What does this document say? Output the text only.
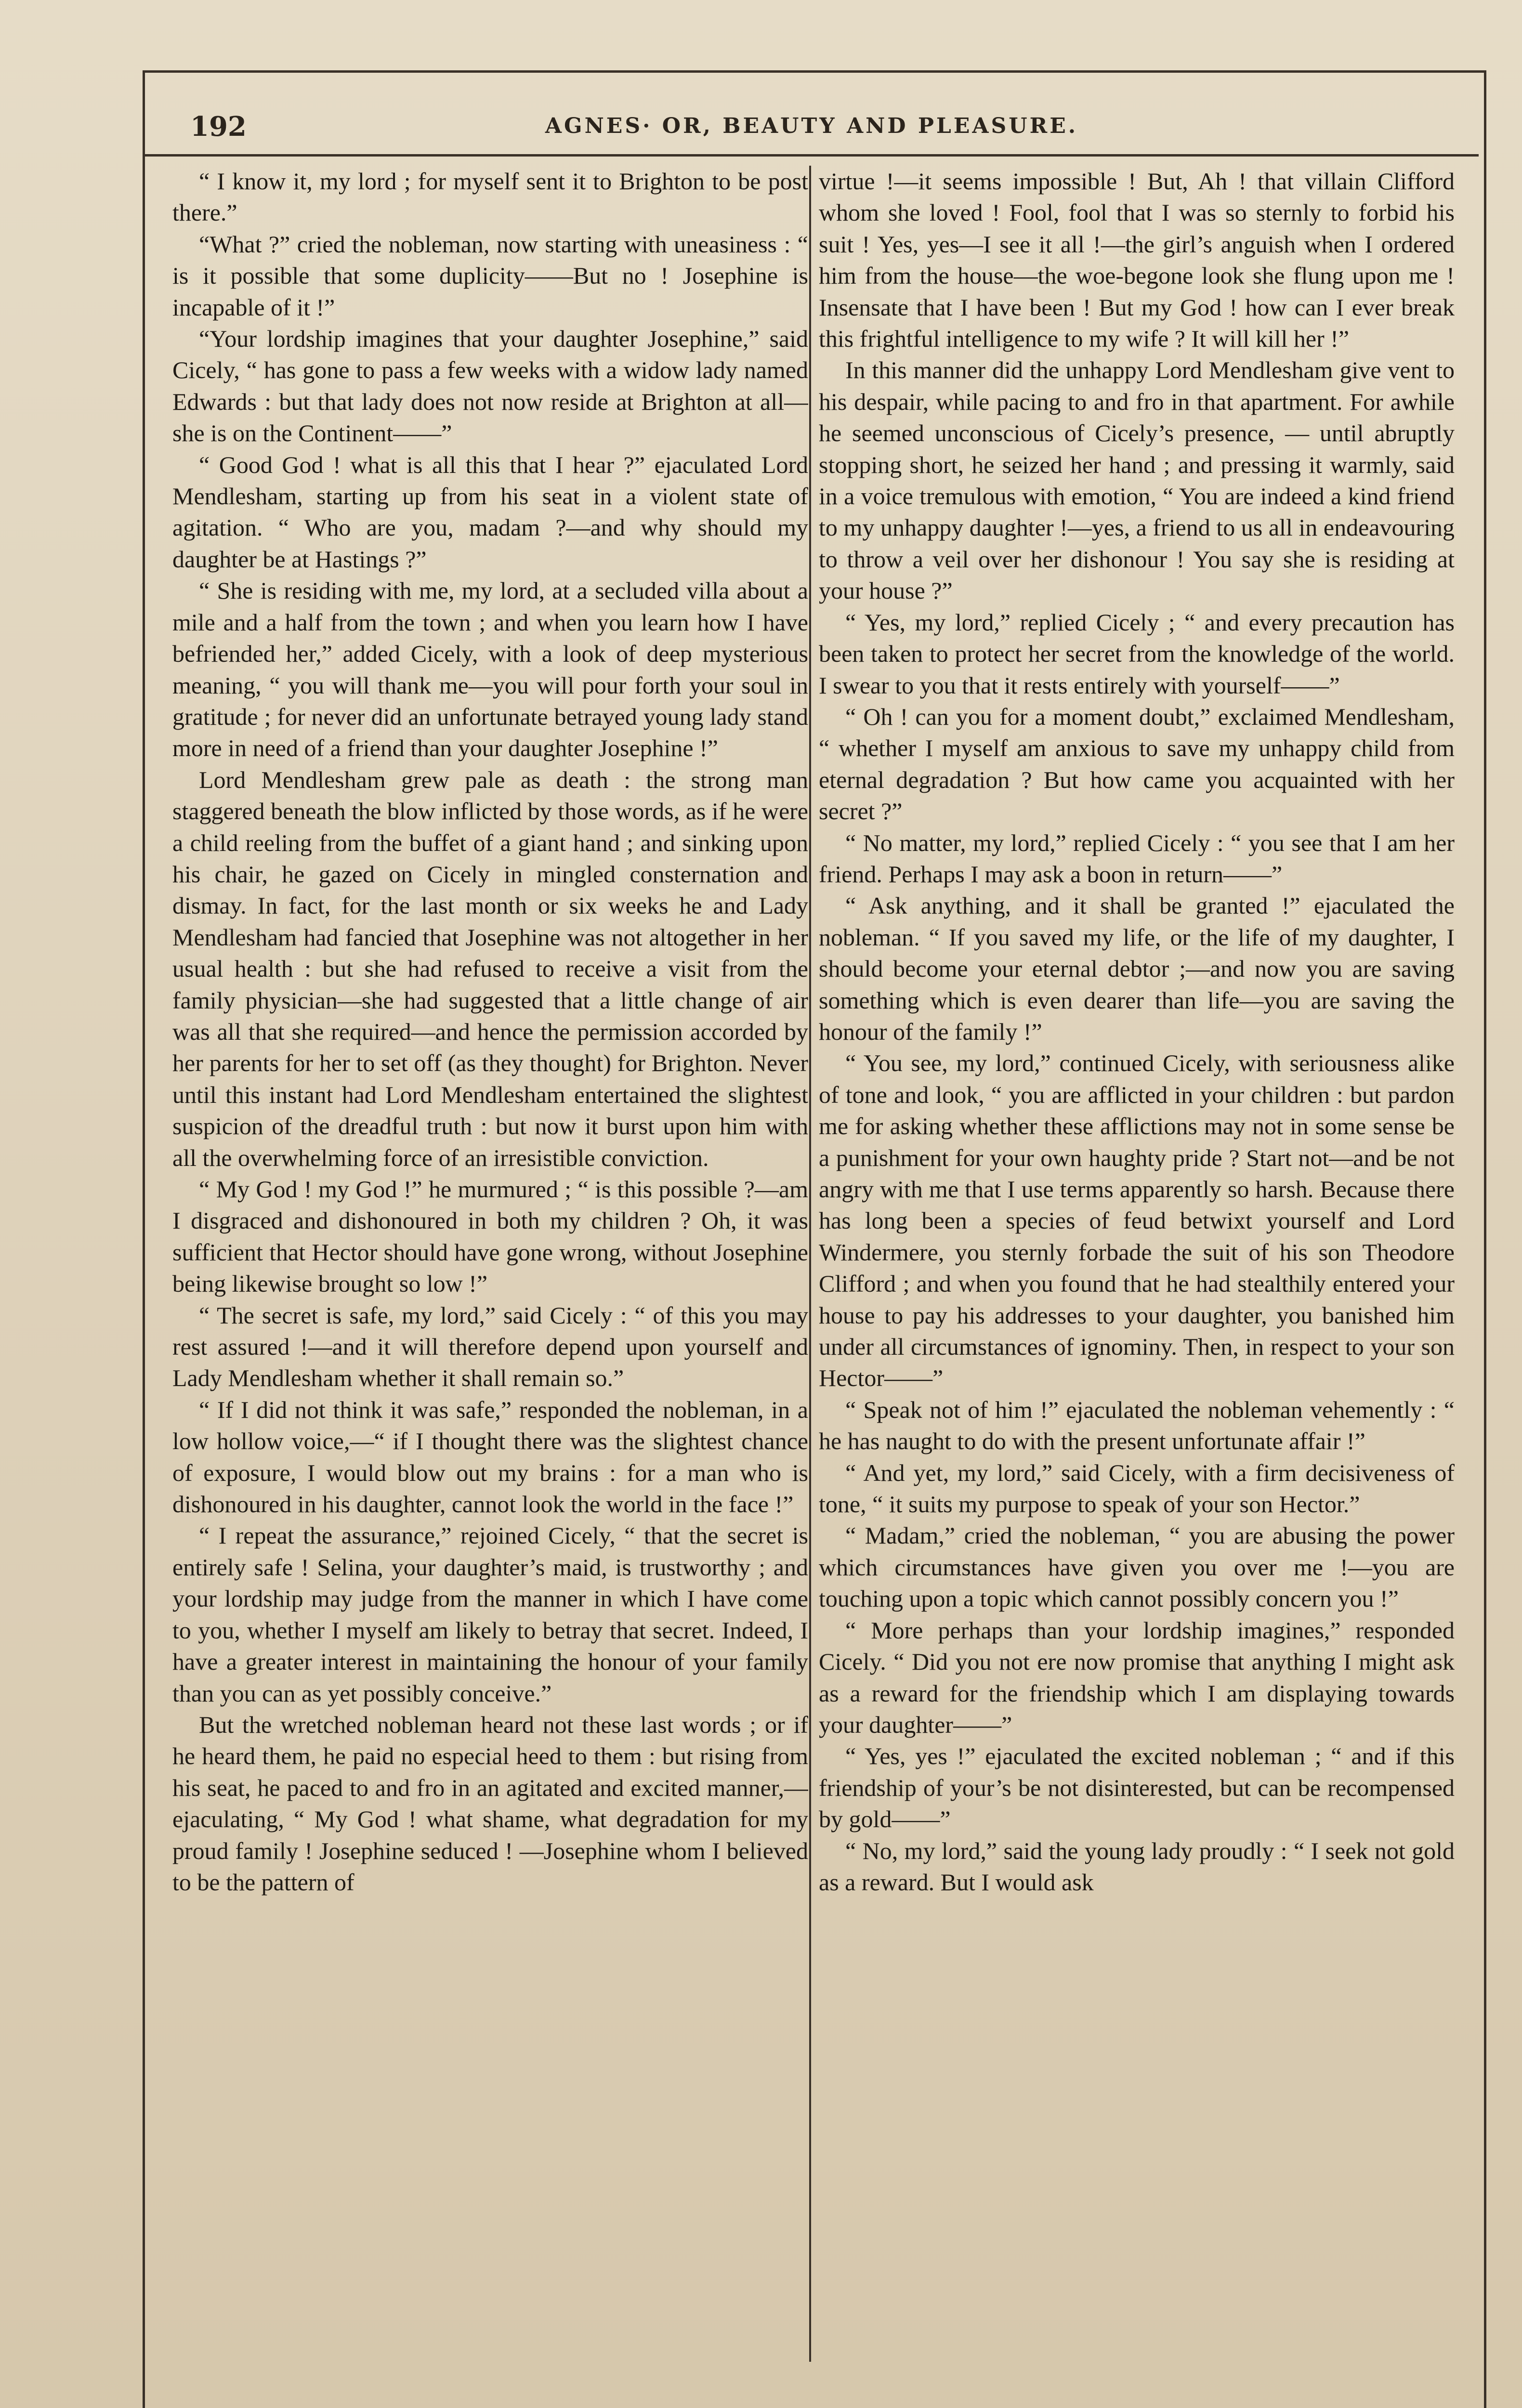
192	AGNES· OR, BEAUTY AND PLEASURE.

“ I know it, my lord ; for myself sent it to Brighton to be post there.”

“What ?” cried the nobleman, now starting with uneasiness : “ is it possible that some duplicity——But no ! Josephine is incapable of it !”

“Your lordship imagines that your daughter Josephine,” said Cicely, “ has gone to pass a few weeks with a widow lady named Edwards : but that lady does not now reside at Brighton at all—she is on the Continent——”

“ Good God ! what is all this that I hear ?” ejaculated Lord Mendlesham, starting up from his seat in a violent state of agitation. “ Who are you, madam ?—and why should my daughter be at Hastings ?”

“ She is residing with me, my lord, at a secluded villa about a mile and a half from the town ; and when you learn how I have befriended her,” added Cicely, with a look of deep mysterious meaning, “ you will thank me—you will pour forth your soul in gratitude ; for never did an unfortunate betrayed young lady stand more in need of a friend than your daughter Josephine !”

Lord Mendlesham grew pale as death : the strong man staggered beneath the blow inflicted by those words, as if he were a child reeling from the buffet of a giant hand ; and sinking upon his chair, he gazed on Cicely in mingled consternation and dismay. In fact, for the last month or six weeks he and Lady Mendlesham had fancied that Josephine was not altogether in her usual health : but she had refused to receive a visit from the family physician—she had suggested that a little change of air was all that she required—and hence the permission accorded by her parents for her to set off (as they thought) for Brighton. Never until this instant had Lord Mendlesham entertained the slightest suspicion of the dreadful truth : but now it burst upon him with all the overwhelming force of an irresistible conviction.

“ My God ! my God !” he murmured ; “ is this possible ?—am I disgraced and dishonoured in both my children ? Oh, it was sufficient that Hector should have gone wrong, without Josephine being likewise brought so low !”

“ The secret is safe, my lord,” said Cicely : “ of this you may rest assured !—and it will therefore depend upon yourself and Lady Mendlesham whether it shall remain so.”

“ If I did not think it was safe,” responded the nobleman, in a low hollow voice,—“ if I thought there was the slightest chance of exposure, I would blow out my brains : for a man who is dishonoured in his daughter, cannot look the world in the face !”

“ I repeat the assurance,” rejoined Cicely, “ that the secret is entirely safe ! Selina, your daughter’s maid, is trustworthy ; and your lordship may judge from the manner in which I have come to you, whether I myself am likely to betray that secret. Indeed, I have a greater interest in maintaining the honour of your family than you can as yet possibly conceive.”

But the wretched nobleman heard not these last words ; or if he heard them, he paid no especial heed to them : but rising from his seat, he paced to and fro in an agitated and excited manner,—ejaculating, “ My God ! what shame, what degradation for my proud family ! Josephine seduced ! —Josephine whom I believed to be the pattern of

virtue !—it seems impossible ! But, Ah ! that villain Clifford whom she loved ! Fool, fool that I was so sternly to forbid his suit ! Yes, yes—I see it all !—the girl’s anguish when I ordered him from the house—the woe-begone look she flung upon me ! Insensate that I have been ! But my God ! how can I ever break this frightful intelligence to my wife ? It will kill her !”

In this manner did the unhappy Lord Mendlesham give vent to his despair, while pacing to and fro in that apartment. For awhile he seemed unconscious of Cicely’s presence, — until abruptly stopping short, he seized her hand ; and pressing it warmly, said in a voice tremulous with emotion, “ You are indeed a kind friend to my unhappy daughter !—yes, a friend to us all in endeavouring to throw a veil over her dishonour ! You say she is residing at your house ?”

“ Yes, my lord,” replied Cicely ; “ and every precaution has been taken to protect her secret from the knowledge of the world. I swear to you that it rests entirely with yourself——”

“ Oh ! can you for a moment doubt,” exclaimed Mendlesham, “ whether I myself am anxious to save my unhappy child from eternal degradation ? But how came you acquainted with her secret ?”

“ No matter, my lord,” replied Cicely : “ you see that I am her friend. Perhaps I may ask a boon in return——”

“ Ask anything, and it shall be granted !” ejaculated the nobleman. “ If you saved my life, or the life of my daughter, I should become your eternal debtor ;—and now you are saving something which is even dearer than life—you are saving the honour of the family !”

“ You see, my lord,” continued Cicely, with seriousness alike of tone and look, “ you are afflicted in your children : but pardon me for asking whether these afflictions may not in some sense be a punishment for your own haughty pride ? Start not—and be not angry with me that I use terms apparently so harsh. Because there has long been a species of feud betwixt yourself and Lord Windermere, you sternly forbade the suit of his son Theodore Clifford ; and when you found that he had stealthily entered your house to pay his addresses to your daughter, you banished him under all circumstances of ignominy. Then, in respect to your son Hector——”

“ Speak not of him !” ejaculated the nobleman vehemently : “ he has naught to do with the present unfortunate affair !”

“ And yet, my lord,” said Cicely, with a firm decisiveness of tone, “ it suits my purpose to speak of your son Hector.”

“ Madam,” cried the nobleman, “ you are abusing the power which circumstances have given you over me !—you are touching upon a topic which cannot possibly concern you !”

“ More perhaps than your lordship imagines,” responded Cicely. “ Did you not ere now promise that anything I might ask as a reward for the friendship which I am displaying towards your daughter——”

“ Yes, yes !” ejaculated the excited nobleman ; “ and if this friendship of your’s be not disinterested, but can be recompensed by gold——”

“ No, my lord,” said the young lady proudly : “ I seek not gold as a reward. But I would ask
